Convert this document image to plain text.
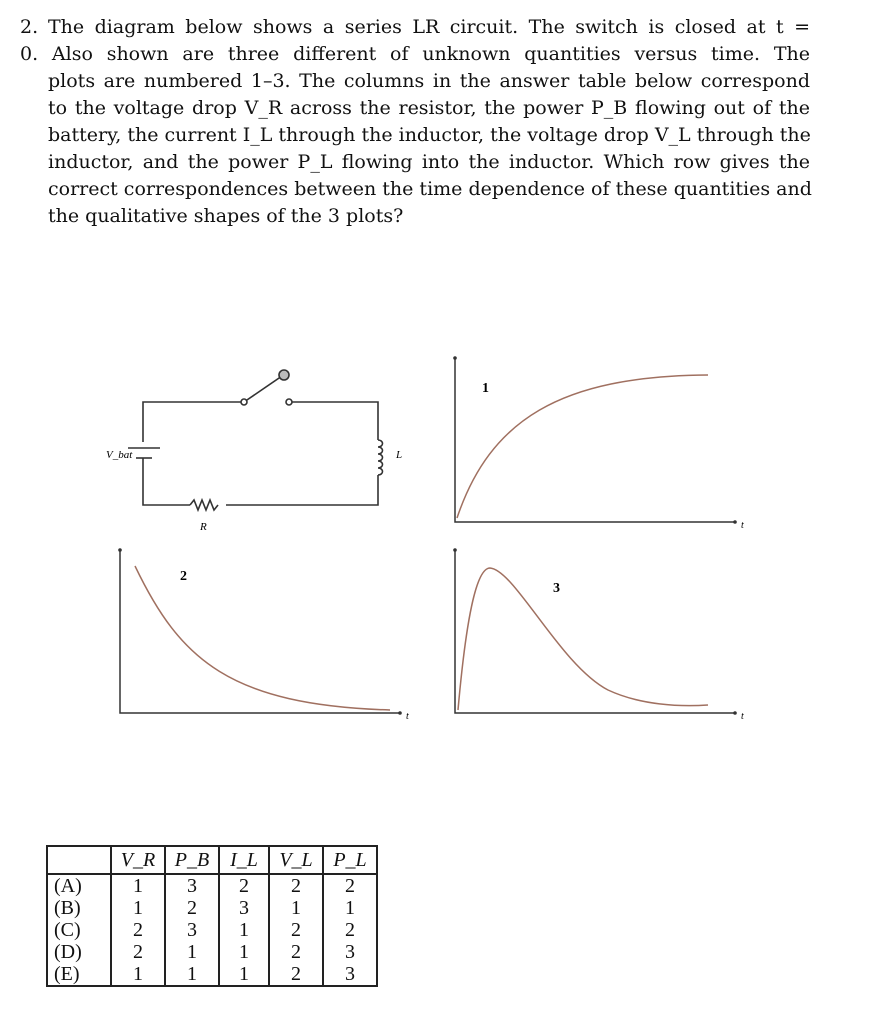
2. The diagram below shows a series LR circuit. The switch is closed at t =
0. Also shown are three different of unknown quantities versus time. The
plots are numbered 1–3. The columns in the answer table below correspond
to the voltage drop V_R across the resistor, the power P_B flowing out of the
battery, the current I_L through the inductor, the voltage drop V_L through the
inductor, and the power P_L flowing into the inductor. Which row gives the
correct correspondences between the time dependence of these quantities and
the qualitative shapes of the 3 plots?
V_bat
R
L
1
t
2
t
3
t
	V_R	P_B	I_L	V_L	P_L
(A)	1	3	2	2	2
(B)	1	2	3	1	1
(C)	2	3	1	2	2
(D)	2	1	1	2	3
(E)	1	1	1	2	3
